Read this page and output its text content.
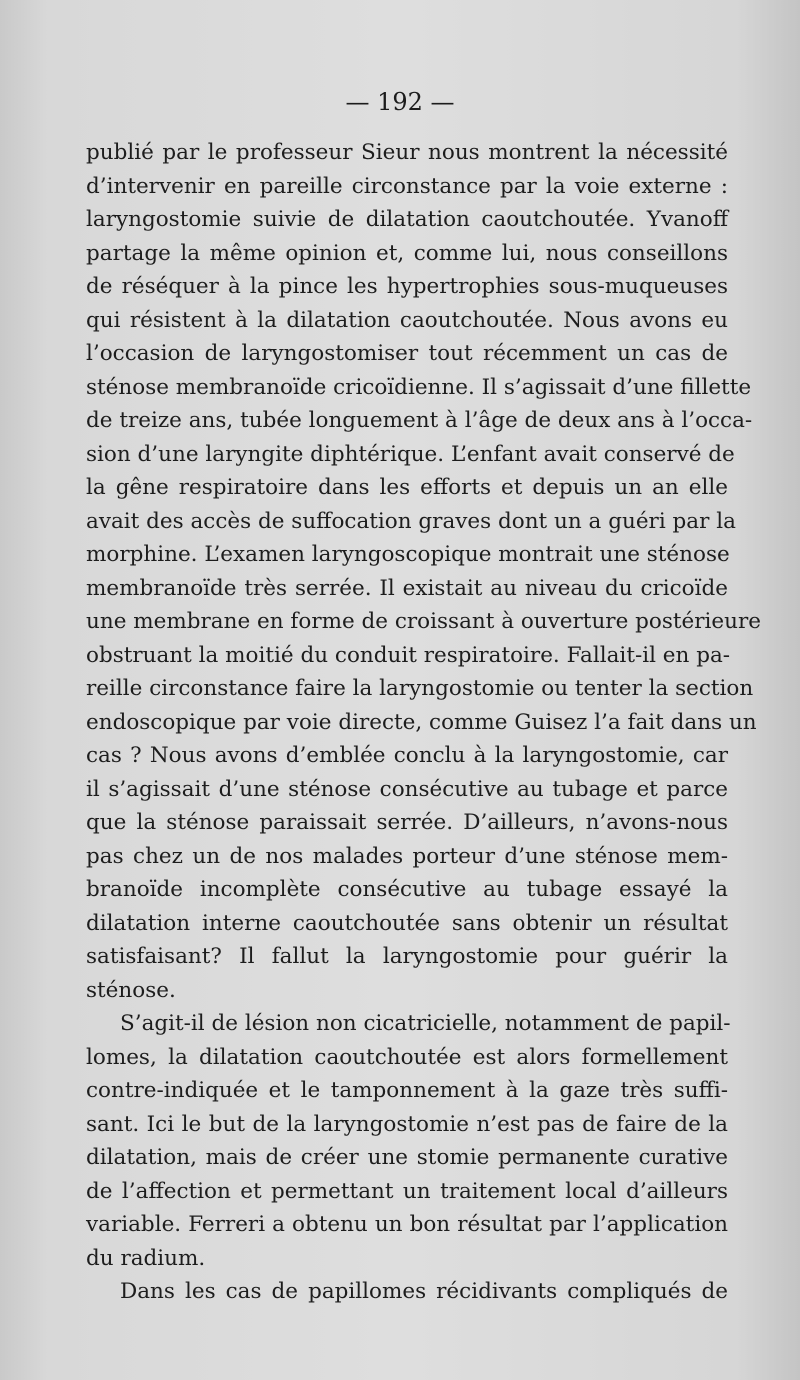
— 192 —
publié par le professeur Sieur nous montrent la nécessité
d’intervenir en pareille circonstance par la voie externe :
laryngostomie suivie de dilatation caoutchoutée. Yvanoff
partage la même opinion et, comme lui, nous conseillons
de réséquer à la pince les hypertrophies sous-muqueuses
qui résistent à la dilatation caoutchoutée. Nous avons eu
l’occasion de laryngostomiser tout récemment un cas de
sténose membranoïde cricoïdienne. Il s’agissait d’une fillette
de treize ans, tubée longuement à l’âge de deux ans à l’occa-
sion d’une laryngite diphtérique. L’enfant avait conservé de
la gêne respiratoire dans les efforts et depuis un an elle
avait des accès de suffocation graves dont un a guéri par la
morphine. L’examen laryngoscopique montrait une sténose
membranoïde très serrée. Il existait au niveau du cricoïde
une membrane en forme de croissant à ouverture postérieure
obstruant la moitié du conduit respiratoire. Fallait-il en pa-
reille circonstance faire la laryngostomie ou tenter la section
endoscopique par voie directe, comme Guisez l’a fait dans un
cas ? Nous avons d’emblée conclu à la laryngostomie, car
il s’agissait d’une sténose consécutive au tubage et parce
que la sténose paraissait serrée. D’ailleurs, n’avons-nous
pas chez un de nos malades porteur d’une sténose mem-
branoïde incomplète consécutive au tubage essayé la
dilatation interne caoutchoutée sans obtenir un résultat
satisfaisant? Il fallut la laryngostomie pour guérir la
sténose.
S’agit-il de lésion non cicatricielle, notamment de papil-
lomes, la dilatation caoutchoutée est alors formellement
contre-indiquée et le tamponnement à la gaze très suffi-
sant. Ici le but de la laryngostomie n’est pas de faire de la
dilatation, mais de créer une stomie permanente curative
de l’affection et permettant un traitement local d’ailleurs
variable. Ferreri a obtenu un bon résultat par l’application
du radium.
Dans les cas de papillomes récidivants compliqués de
